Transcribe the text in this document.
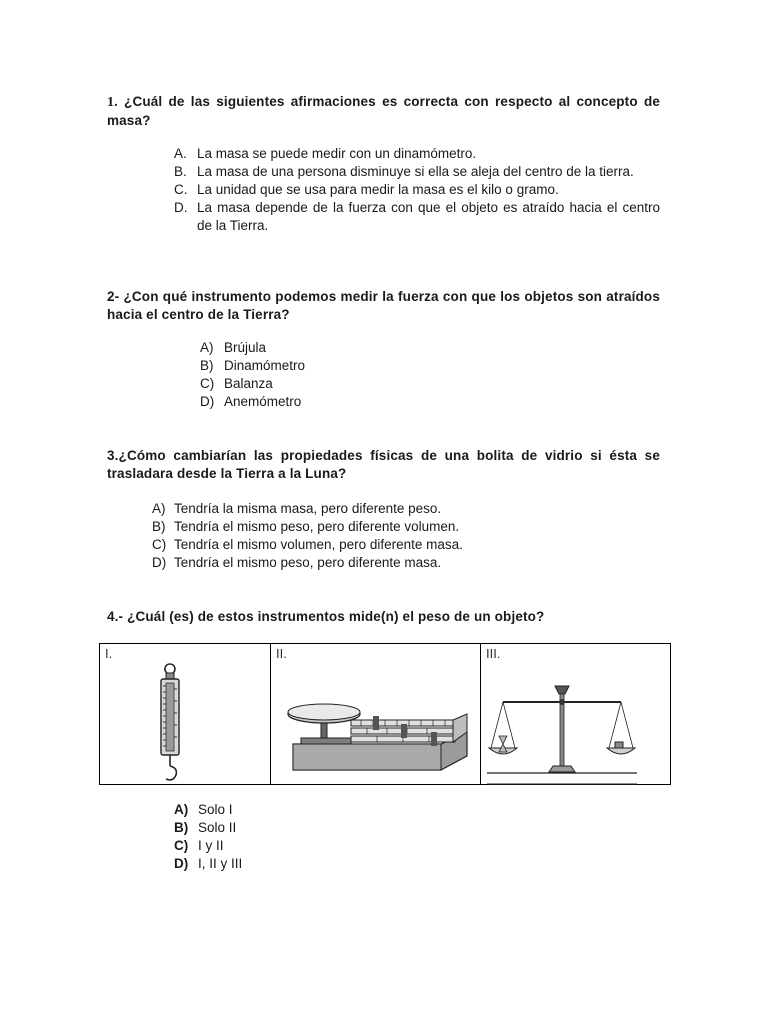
1. ¿Cuál de las siguientes afirmaciones es correcta con respecto al concepto de masa?
A. La masa se puede medir con un dinamómetro.
B. La masa de una persona disminuye si ella se aleja del centro de la tierra.
C. La unidad que se usa para medir la masa es el kilo o gramo.
D. La masa depende de la fuerza con que el objeto es atraído hacia el centro de la Tierra.
2- ¿Con qué instrumento podemos medir la fuerza con que los objetos son atraídos hacia el centro de la Tierra?
A) Brújula
B) Dinamómetro
C) Balanza
D) Anemómetro
3.¿Cómo cambiarían las propiedades físicas de una bolita de vidrio si ésta se trasladara desde la Tierra a la Luna?
A) Tendría la misma masa, pero diferente peso.
B) Tendría el mismo peso, pero diferente volumen.
C) Tendría el mismo volumen, pero diferente masa.
D) Tendría el mismo peso, pero diferente masa.
4.- ¿Cuál (es) de estos instrumentos mide(n) el peso de un objeto?
I.	II.	III.
A) Solo I
B) Solo II
C) I y II
D) I, II y III
